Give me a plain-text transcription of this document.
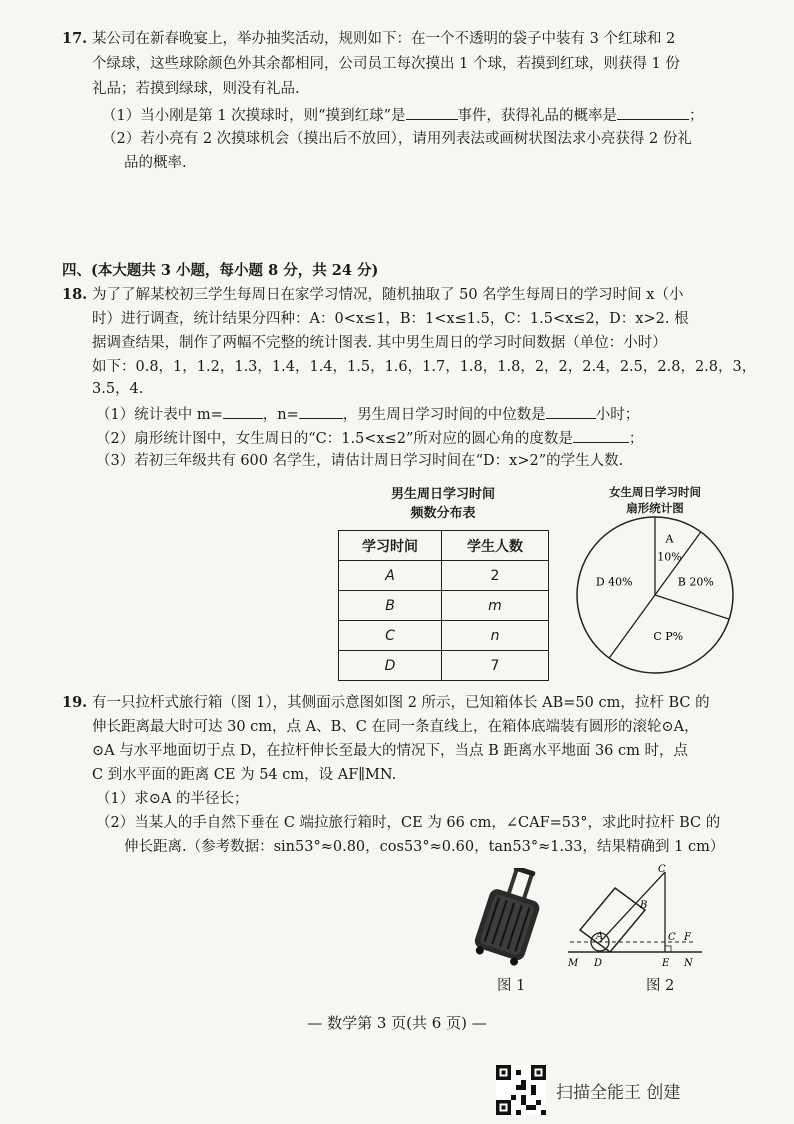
17. 某公司在新春晚宴上，举办抽奖活动，规则如下：在一个不透明的袋子中装有 3 个红球和 2
个绿球，这些球除颜色外其余都相同，公司员工每次摸出 1 个球，若摸到红球，则获得 1 份
礼品；若摸到绿球，则没有礼品.
（1）当小刚是第 1 次摸球时，则“摸到红球”是	事件，获得礼品的概率是	；
（2）若小亮有 2 次摸球机会（摸出后不放回），请用列表法或画树状图法求小亮获得 2 份礼
品的概率.
四、(本大题共 3 小题，每小题 8 分，共 24 分)
18. 为了了解某校初三学生每周日在家学习情况，随机抽取了 50 名学生每周日的学习时间 x（小
时）进行调查，统计结果分四种：A：0<x≤1，B：1<x≤1.5，C：1.5<x≤2，D：x>2. 根
据调查结果，制作了两幅不完整的统计图表. 其中男生周日的学习时间数据（单位：小时）
如下：0.8，1，1.2，1.3，1.4，1.4，1.5，1.6，1.7，1.8，1.8，2，2，2.4，2.5，2.8，2.8，3，
3.5，4.
（1）统计表中 m=	，n=	，男生周日学习时间的中位数是	小时；
（2）扇形统计图中，女生周日的“C：1.5<x≤2”所对应的圆心角的度数是	；
（3）若初三年级共有 600 名学生，请估计周日学习时间在“D：x>2”的学生人数.
男生周日学习时间
频数分布表
学习时间	学生人数
A	2
B	m
C	n
D	7
女生周日学习时间
扇形统计图
A
10%
B 20%
C P%
D 40%
19. 有一只拉杆式旅行箱（图 1），其侧面示意图如图 2 所示，已知箱体长 AB=50 cm，拉杆 BC 的
伸长距离最大时可达 30 cm，点 A、B、C 在同一条直线上，在箱体底端装有圆形的滚轮⊙A，
⊙A 与水平地面切于点 D，在拉杆伸长至最大的情况下，当点 B 距离水平地面 36 cm 时，点
C 到水平面的距离 CE 为 54 cm，设 AF∥MN.
（1）求⊙A 的半径长；
（2）当某人的手自然下垂在 C 端拉旅行箱时，CE 为 66 cm，∠CAF=53°，求此时拉杆 BC 的
伸长距离.（参考数据：sin53°≈0.80，cos53°≈0.60，tan53°≈1.33，结果精确到 1 cm）
图 1
C
B
A	C F
M D	E N
图 2
— 数学第 3 页(共 6 页) —
扫描全能王 创建
